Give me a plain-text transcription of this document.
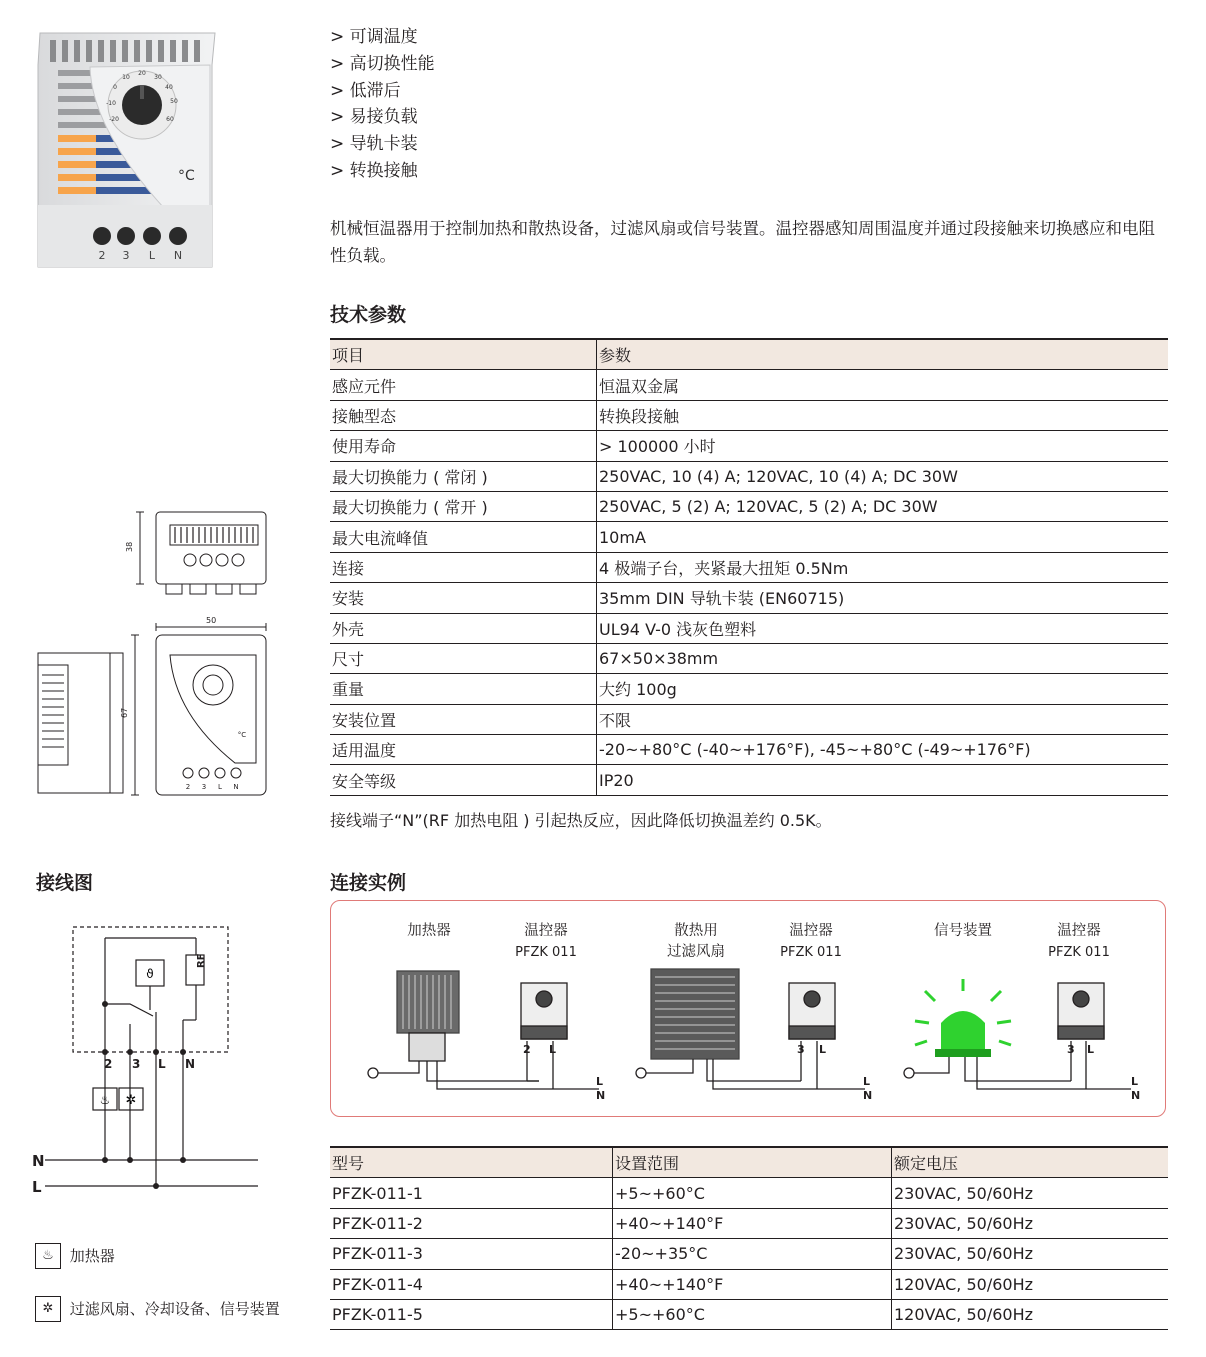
°C
2 3 L N
20
30
40
50
60
10
0
-10
-20
> 可调温度
> 高切换性能
> 低滞后
> 易接负载
> 导轨卡装
> 转换接触
机械恒温器用于控制加热和散热设备，过滤风扇或信号装置。温控器感知周围温度并通过段接触来切换感应和电阻性负载。
技术参数
项目	参数
感应元件	恒温双金属
接触型态	转换段接触
使用寿命	> 100000 小时
最大切换能力 ( 常闭 )	250VAC, 10 (4) A; 120VAC, 10 (4) A; DC 30W
最大切换能力 ( 常开 )	250VAC, 5 (2) A; 120VAC, 5 (2) A; DC 30W
最大电流峰值	10mA
连接	4 极端子台，夹紧最大扭矩 0.5Nm
安装	35mm DIN 导轨卡装 (EN60715)
外壳	UL94 V-0 浅灰色塑料
尺寸	67×50×38mm
重量	大约 100g
安装位置	不限
适用温度	-20~+80°C (-40~+176°F), -45~+80°C (-49~+176°F)
安全等级	IP20
接线端子“N”(RF 加热电阻 ) 引起热反应，因此降低切换温差约 0.5K。
38
50
67
2 3 L N
°C
接线图
2 3 L N
N
L
RF
♨ ✲
ϑ
♨ 加热器
✲ 过滤风扇、冷却设备、信号装置
连接实例
加热器	温控器
PFZK 011
散热用
过滤风扇
温控器
PFZK 011
信号装置	温控器
PFZK 011
2 L	3 L	3 L
L
N
L
N
L
N
型号	设置范围	额定电压
PFZK-011-1	+5~+60°C	230VAC, 50/60Hz
PFZK-011-2	+40~+140°F	230VAC, 50/60Hz
PFZK-011-3	-20~+35°C	230VAC, 50/60Hz
PFZK-011-4	+40~+140°F	120VAC, 50/60Hz
PFZK-011-5	+5~+60°C	120VAC, 50/60Hz
